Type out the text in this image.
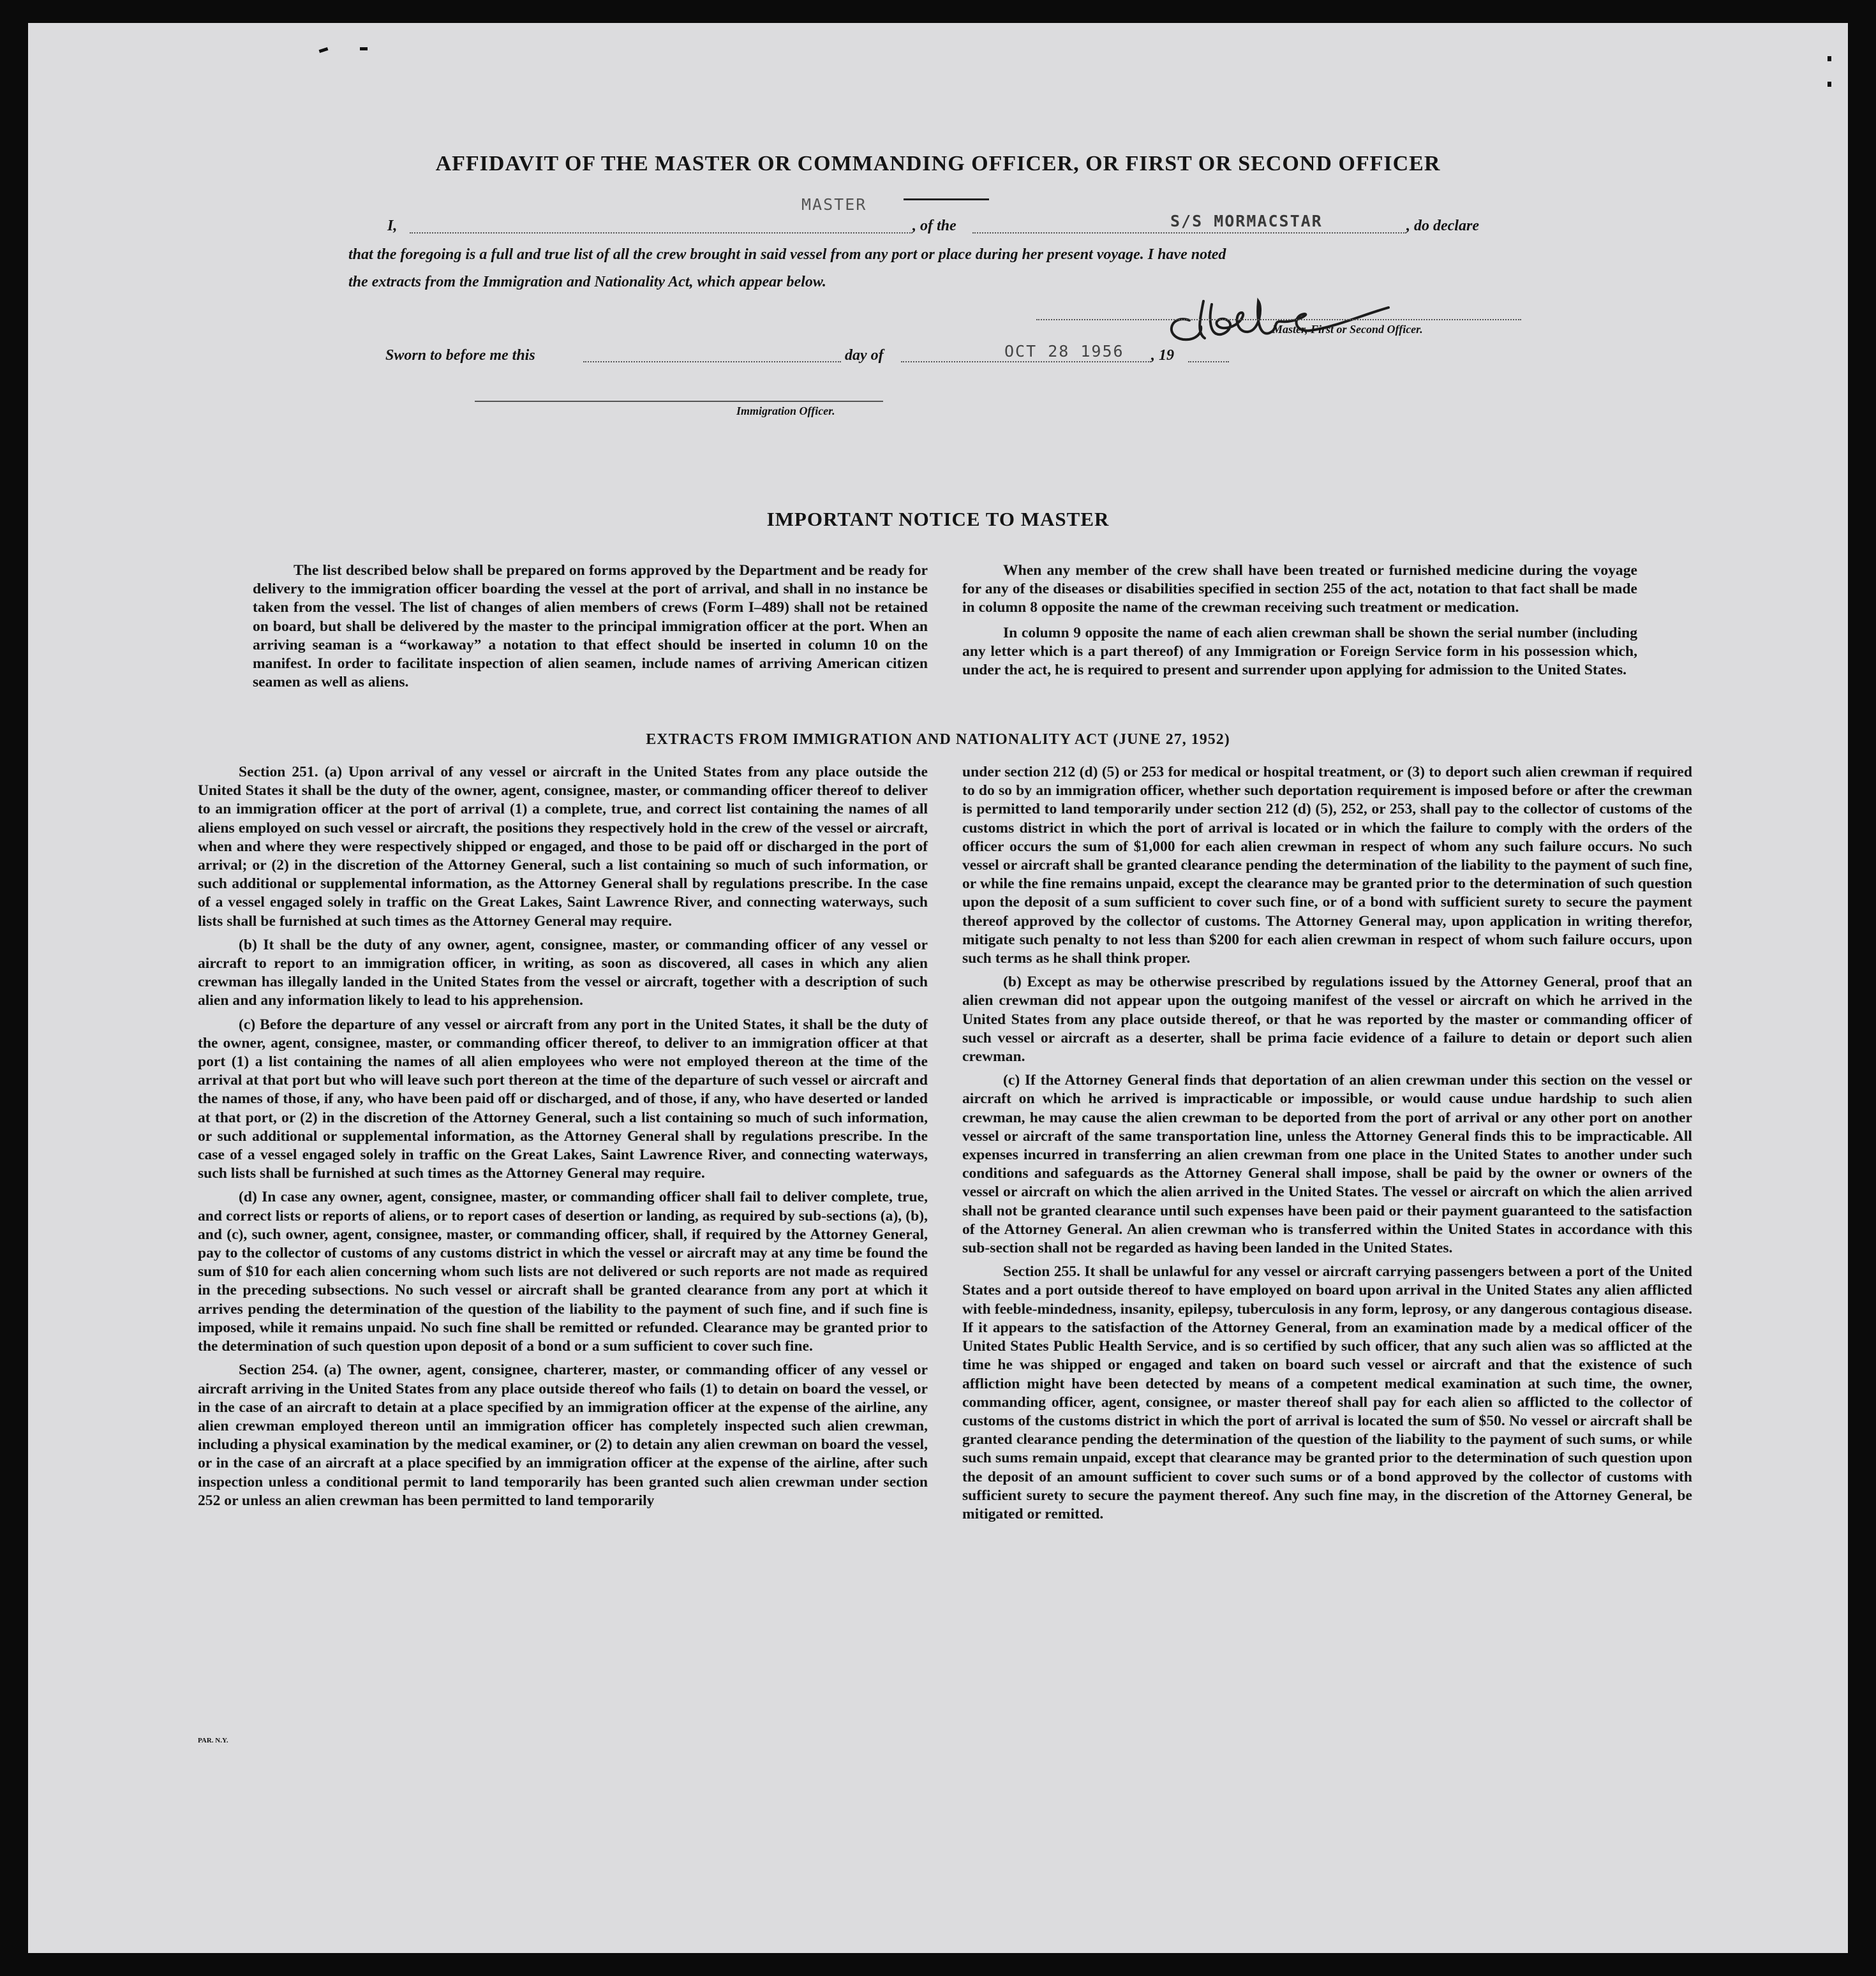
AFFIDAVIT OF THE MASTER OR COMMANDING OFFICER, OR FIRST OR SECOND OFFICER
I,
MASTER
, of the	S/S MORMACSTAR	, do declare
that the foregoing is a full and true list of all the crew brought in said vessel from any port or place during her present voyage. I have noted
the extracts from the Immigration and Nationality Act, which appear below.
Master, First or Second Officer.
Sworn to before me this	day of	OCT 28 1956 , 19
Immigration Officer.
IMPORTANT NOTICE TO MASTER

The list described below shall be prepared on forms approved by the Department and be ready for delivery to the immigration officer boarding the vessel at the port of arrival, and shall in no instance be taken from the vessel. The list of changes of alien members of crews (Form I–489) shall not be retained on board, but shall be delivered by the master to the principal immigration officer at the port. When an arriving seaman is a “workaway” a notation to that effect should be inserted in column 10 on the manifest. In order to facilitate inspection of alien seamen, include names of arriving American citizen seamen as well as aliens.

When any member of the crew shall have been treated or furnished medicine during the voyage for any of the diseases or disabilities specified in section 255 of the act, notation to that fact shall be made in column 8 opposite the name of the crewman receiving such treatment or medication.

In column 9 opposite the name of each alien crewman shall be shown the serial number (including any letter which is a part thereof) of any Immigration or Foreign Service form in his possession which, under the act, he is required to present and surrender upon applying for admission to the United States.

EXTRACTS FROM IMMIGRATION AND NATIONALITY ACT (JUNE 27, 1952)

Section 251. (a) Upon arrival of any vessel or aircraft in the United States from any place outside the United States it shall be the duty of the owner, agent, consignee, master, or commanding officer thereof to deliver to an immigration officer at the port of arrival (1) a complete, true, and correct list containing the names of all aliens employed on such vessel or aircraft, the positions they respectively hold in the crew of the vessel or aircraft, when and where they were respectively shipped or engaged, and those to be paid off or discharged in the port of arrival; or (2) in the discretion of the Attorney General, such a list containing so much of such information, or such additional or supplemental information, as the Attorney General shall by regulations prescribe. In the case of a vessel engaged solely in traffic on the Great Lakes, Saint Lawrence River, and connecting waterways, such lists shall be furnished at such times as the Attorney General may require.

(b) It shall be the duty of any owner, agent, consignee, master, or commanding officer of any vessel or aircraft to report to an immigration officer, in writing, as soon as discovered, all cases in which any alien crewman has illegally landed in the United States from the vessel or aircraft, together with a description of such alien and any information likely to lead to his apprehension.

(c) Before the departure of any vessel or aircraft from any port in the United States, it shall be the duty of the owner, agent, consignee, master, or commanding officer thereof, to deliver to an immigration officer at that port (1) a list containing the names of all alien employees who were not employed thereon at the time of the arrival at that port but who will leave such port thereon at the time of the departure of such vessel or aircraft and the names of those, if any, who have been paid off or discharged, and of those, if any, who have deserted or landed at that port, or (2) in the discretion of the Attorney General, such a list containing so much of such information, or such additional or supplemental information, as the Attorney General shall by regulations prescribe. In the case of a vessel engaged solely in traffic on the Great Lakes, Saint Lawrence River, and connecting waterways, such lists shall be furnished at such times as the Attorney General may require.

(d) In case any owner, agent, consignee, master, or commanding officer shall fail to deliver complete, true, and correct lists or reports of aliens, or to report cases of desertion or landing, as required by sub-sections (a), (b), and (c), such owner, agent, consignee, master, or commanding officer, shall, if required by the Attorney General, pay to the collector of customs of any customs district in which the vessel or aircraft may at any time be found the sum of $10 for each alien concerning whom such lists are not delivered or such reports are not made as required in the preceding subsections. No such vessel or aircraft shall be granted clearance from any port at which it arrives pending the determination of the question of the liability to the payment of such fine, and if such fine is imposed, while it remains unpaid. No such fine shall be remitted or refunded. Clearance may be granted prior to the determination of such question upon deposit of a bond or a sum sufficient to cover such fine.

Section 254. (a) The owner, agent, consignee, charterer, master, or commanding officer of any vessel or aircraft arriving in the United States from any place outside thereof who fails (1) to detain on board the vessel, or in the case of an aircraft to detain at a place specified by an immigration officer at the expense of the airline, any alien crewman employed thereon until an immigration officer has completely inspected such alien crewman, including a physical examination by the medical examiner, or (2) to detain any alien crewman on board the vessel, or in the case of an aircraft at a place specified by an immigration officer at the expense of the airline, after such inspection unless a conditional permit to land temporarily has been granted such alien crewman under section 252 or unless an alien crewman has been permitted to land temporarily

under section 212 (d) (5) or 253 for medical or hospital treatment, or (3) to deport such alien crewman if required to do so by an immigration officer, whether such deportation requirement is imposed before or after the crewman is permitted to land temporarily under section 212 (d) (5), 252, or 253, shall pay to the collector of customs of the customs district in which the port of arrival is located or in which the failure to comply with the orders of the officer occurs the sum of $1,000 for each alien crewman in respect of whom any such failure occurs. No such vessel or aircraft shall be granted clearance pending the determination of the liability to the payment of such fine, or while the fine remains unpaid, except the clearance may be granted prior to the determination of such question upon the deposit of a sum sufficient to cover such fine, or of a bond with sufficient surety to secure the payment thereof approved by the collector of customs. The Attorney General may, upon application in writing therefor, mitigate such penalty to not less than $200 for each alien crewman in respect of whom such failure occurs, upon such terms as he shall think proper.

(b) Except as may be otherwise prescribed by regulations issued by the Attorney General, proof that an alien crewman did not appear upon the outgoing manifest of the vessel or aircraft on which he arrived in the United States from any place outside thereof, or that he was reported by the master or commanding officer of such vessel or aircraft as a deserter, shall be prima facie evidence of a failure to detain or deport such alien crewman.

(c) If the Attorney General finds that deportation of an alien crewman under this section on the vessel or aircraft on which he arrived is impracticable or impossible, or would cause undue hardship to such alien crewman, he may cause the alien crewman to be deported from the port of arrival or any other port on another vessel or aircraft of the same transportation line, unless the Attorney General finds this to be impracticable. All expenses incurred in transferring an alien crewman from one place in the United States to another under such conditions and safeguards as the Attorney General shall impose, shall be paid by the owner or owners of the vessel or aircraft on which the alien arrived in the United States. The vessel or aircraft on which the alien arrived shall not be granted clearance until such expenses have been paid or their payment guaranteed to the satisfaction of the Attorney General. An alien crewman who is transferred within the United States in accordance with this sub-section shall not be regarded as having been landed in the United States.

Section 255. It shall be unlawful for any vessel or aircraft carrying passengers between a port of the United States and a port outside thereof to have employed on board upon arrival in the United States any alien afflicted with feeble-mindedness, insanity, epilepsy, tuberculosis in any form, leprosy, or any dangerous contagious disease. If it appears to the satisfaction of the Attorney General, from an examination made by a medical officer of the United States Public Health Service, and is so certified by such officer, that any such alien was so afflicted at the time he was shipped or engaged and taken on board such vessel or aircraft and that the existence of such affliction might have been detected by means of a competent medical examination at such time, the owner, commanding officer, agent, consignee, or master thereof shall pay for each alien so afflicted to the collector of customs of the customs district in which the port of arrival is located the sum of $50. No vessel or aircraft shall be granted clearance pending the determination of the question of the liability to the payment of such sums, or while such sums remain unpaid, except that clearance may be granted prior to the determination of such question upon the deposit of an amount sufficient to cover such sums or of a bond approved by the collector of customs with sufficient surety to secure the payment thereof. Any such fine may, in the discretion of the Attorney General, be mitigated or remitted.

PAR. N.Y.
